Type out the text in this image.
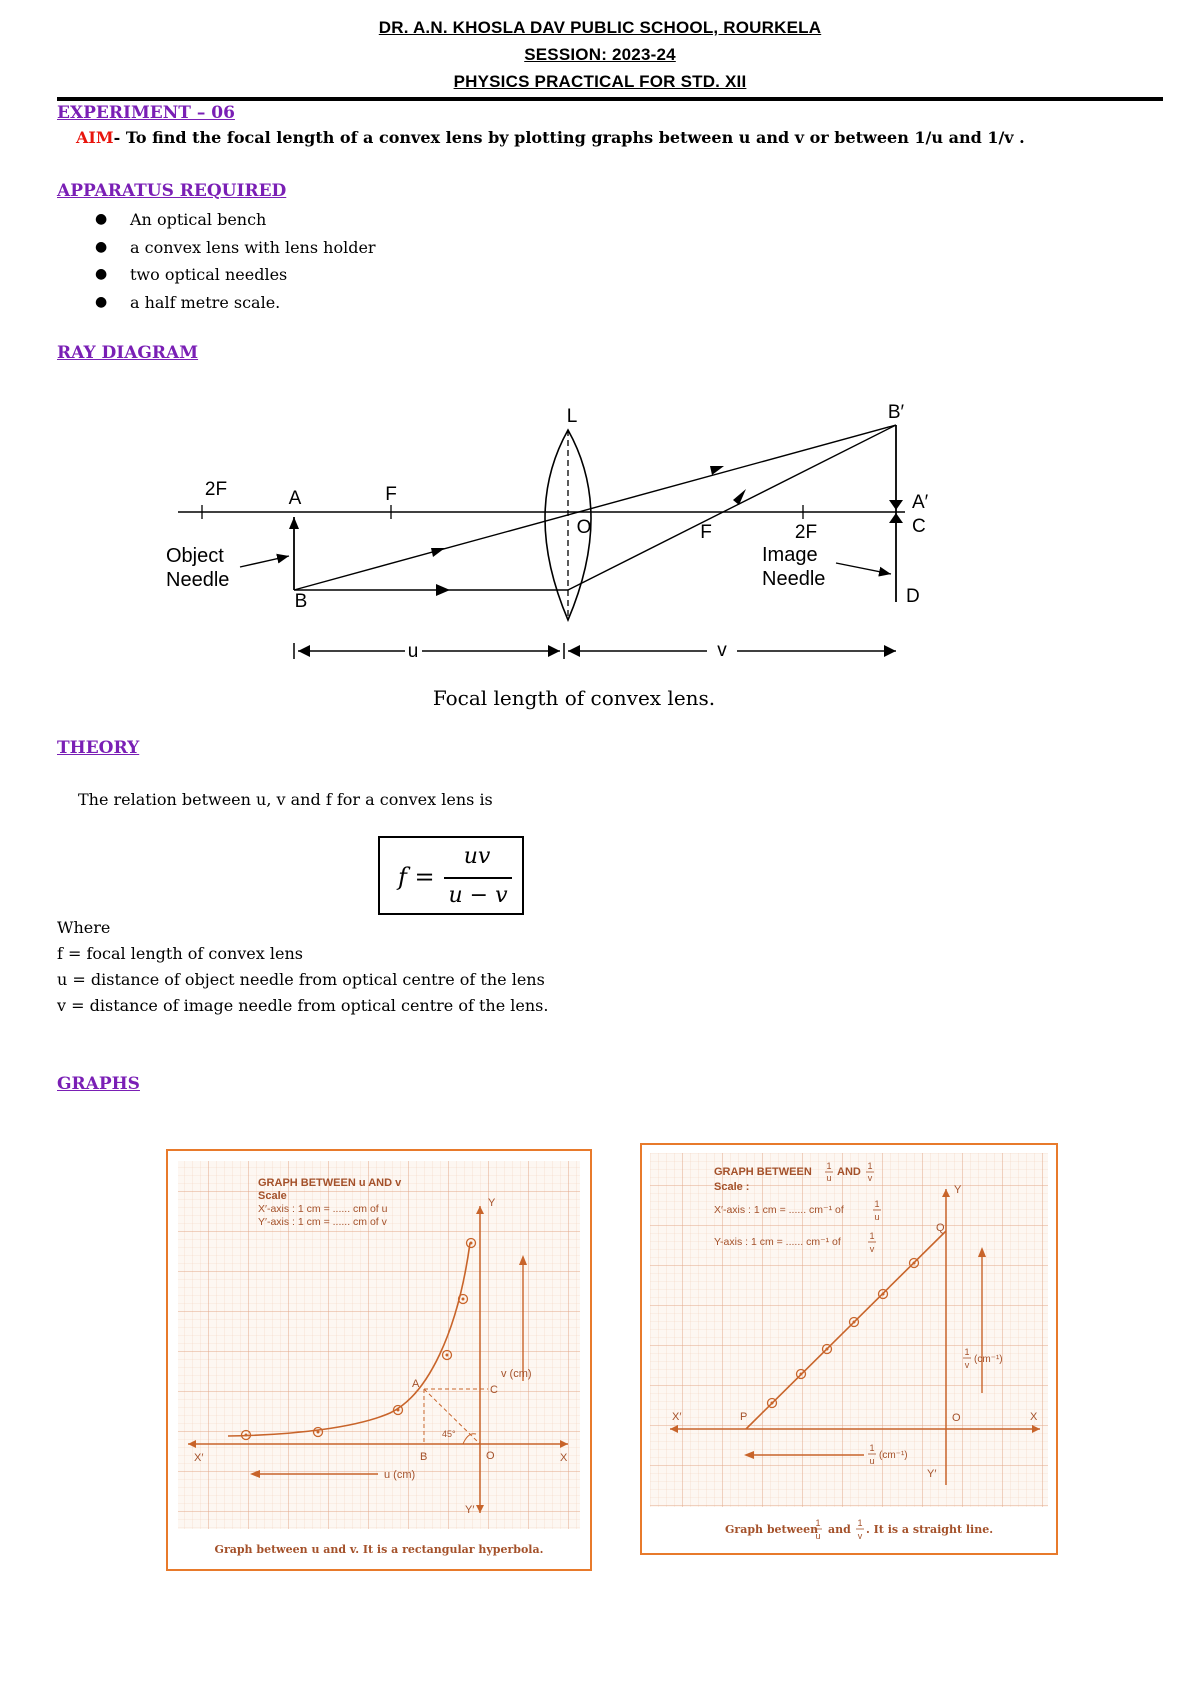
DR. A.N. KHOSLA DAV PUBLIC SCHOOL, ROURKELA
SESSION: 2023-24
PHYSICS PRACTICAL FOR STD. XII
EXPERIMENT – 06
AIM- To find the focal length of a convex lens by plotting graphs between u and v or between 1/u and 1/v .
APPARATUS REQUIRED
● An optical bench
● a convex lens with lens holder
● two optical needles
● a half metre scale.
RAY DIAGRAM
L	B′
2F	A	F
O	F	2F
A′
C
D
B
Object
Needle
Image
Needle
u	v
Focal length of convex lens.
THEORY
The relation between u, v and f for a convex lens is
f =
uv
u − v
Where
f = focal length of convex lens
u = distance of object needle from optical centre of the lens
v = distance of image needle from optical centre of the lens.
GRAPHS
GRAPH BETWEEN u AND v
Scale
X′-axis : 1 cm = ...... cm of u
Y′-axis : 1 cm = ...... cm of v
Y
Y′
X
X′
A
B
C
O
45°
v (cm)
u (cm)
Graph between u and v. It is a rectangular hyperbola.
GRAPH BETWEEN 1
u AND 1
v
Scale :
X′-axis : 1 cm = ...... cm⁻¹ of	1
u
Y-axis : 1 cm = ...... cm⁻¹ of	1
v
Y
Y′
X
X′	P
Q
O
1
v (cm⁻¹)
1
u (cm⁻¹)
Graph between
1
u and 1
v . It is a straight line.
